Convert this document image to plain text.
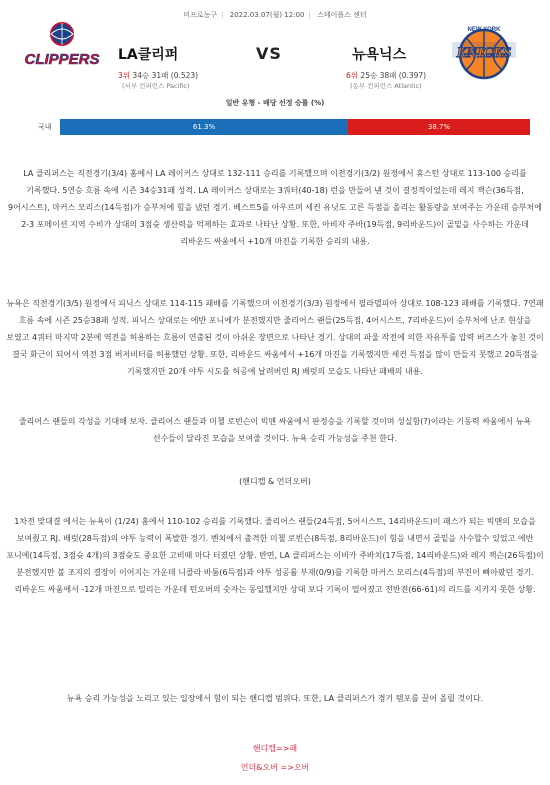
미프로농구 | 2022.03.07(월) 12:00 | 스테이플스 센터
CLIPPERS
NEW YORK
KNICKS
LA클리퍼	VS	뉴욕닉스
3위 34승 31패 (0.523)
(서부 컨퍼런스 Pacific)
6위 25승 38패 (0.397)
(동부 컨퍼런스 Atlantic)
일반 유형 - 배당 선정 승률 (%)
국내	61.3%	38.7%

LA 클리퍼스는 직전경기(3/4) 홈에서 LA 레이커스 상대로 132-111 승리를 기록했으며 이전경기(3/2) 원정에서 휴스턴 상대로 113-100 승리를 기록했다. 5연승 흐름 속에 시즌 34승31패 성적. LA 레이커스 상대로는 3쿼터(40-18) 런을 만들어 낸 것이 결정적이었는데 레지 잭슨(36득점, 9어시스트), 마커스 모리스(14득점)가 승부처에 힘을 냈던 경기. 베스트5를 아우르며 세컨 유닛도 고른 득점을 올리는 활동량을 보여주는 가운데 승부처에 2-3 포메이션 지역 수비가 상대의 3점슛 생산력을 억제하는 효과로 나타난 상황. 또한, 아비자 주바(19득점, 9리바운드)이 골밑을 사수하는 가운데 리바운드 싸움에서 +10개 마진을 기록한 승리의 내용.

뉴욕은 직전경기(3/5) 원정에서 피닉스 상대로 114-115 패배를 기록했으며 이전경기(3/3) 원정에서 필라델피아 상대로 108-123 패배를 기록했다. 7연패 흐름 속에 시즌 25승38패 성적. 피닉스 상대로는 에반 포니에가 분전했지만 줄리어스 랜들(25득점, 4어시스트, 7리바운드)이 승부처에 난조 현상을 보였고 4쿼터 마지막 2분에 역전을 허용하는 흐름이 연출된 것이 아쉬운 장면으로 나타난 경기. 상대의 파울 작전에 의한 자유투를 압력 버즈스가 놓친 것이 결국 화근이 되어서 역전 3점 버저비터를 허용했던 상황. 또한, 리바운드 싸움에서 +16개 마진을 기록했지만 세컨 득점을 많이 만들지 못했고 20득점을 기록했지만 20개 야투 시도를 허공에 날려버린 RJ 배럿의 모습도 나타난 패배의 내용.

줄리어스 랜들의 각성을 기대해 보자. 클리어스 랜들과 미첼 로빈슨이 빅맨 싸움에서 판정승을 기록할 것이며 성실함(?)이라는 기동력 싸움에서 뉴욕 선수들이 달라진 모습을 보여줄 것이다. 뉴욕 승리 가능성을 주천 한다.

(핸디캡 & 언더오버)

1차전 맞대결 에서는 뉴욕이 (1/24) 홈에서 110-102 승리를 기록했다. 줄리어스 랜들(24득점, 5어시스트, 14리바운드)이 패스가 되는 빅맨의 모습을 보여줬고 RJ. 배럿(28득점)의 야투 능력이 폭발한 경기. 벤치에서 출격한 미첼 로빈슨(8득점, 8리바운드)이 힘을 내면서 골밑을 사수할수 있었고 에반 포니에(14득점, 3점슛 4개)의 3점슛도 중요한 고비때 마다 터졌던 상황. 반면, LA 클리퍼스는 이비카 주바치(17득점, 14리바운드)와 레지 잭슨(26득점)이 분전했지만 볼 조지의 결장이 이어지는 가운데 니콜라 바툼(6득점)과 야투 성공률 부재(0/9)를 기록한 마커스 모리스(4득점)의 부진이 뼈아팠던 경기. 리바운드 싸움에서 -12개 마진으로 밀리는 가운데 턴오버의 숫자는 동일했지만 상대 보다 기록이 떨어졌고 전반전(66-61)의 리드를 지키지 못한 상황.

뉴욕 승리 가능성을 노리고 있는 입장에서 힘이 되는 핸디캡 범위다. 또한, LA 클리퍼스가 경기 템포를 끌어 올릴 것이다.

핸디캡=>패

언더&오버 =>오버
